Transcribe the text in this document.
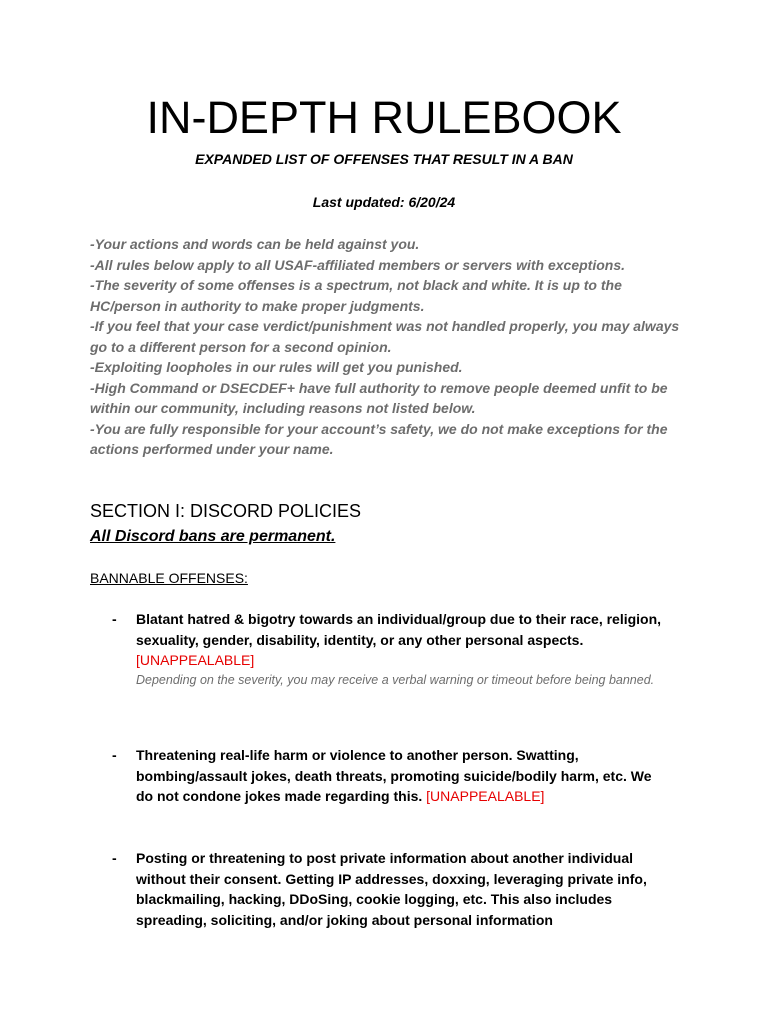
IN-DEPTH RULEBOOK

EXPANDED LIST OF OFFENSES THAT RESULT IN A BAN

Last updated: 6/20/24

-Your actions and words can be held against you.
-All rules below apply to all USAF-affiliated members or servers with exceptions.
-The severity of some offenses is a spectrum, not black and white. It is up to the HC/person in authority to make proper judgments.
-If you feel that your case verdict/punishment was not handled properly, you may always go to a different person for a second opinion.
-Exploiting loopholes in our rules will get you punished.
-High Command or DSECDEF+ have full authority to remove people deemed unfit to be within our community, including reasons not listed below.
-You are fully responsible for your account’s safety, we do not make exceptions for the actions performed under your name.
SECTION I: DISCORD POLICIES

All Discord bans are permanent.

BANNABLE OFFENSES:

- Blatant hatred & bigotry towards an individual/group due to their race, religion, sexuality, gender, disability, identity, or any other personal aspects. [UNAPPEALABLE]
Depending on the severity, you may receive a verbal warning or timeout before being banned.
- Threatening real-life harm or violence to another person. Swatting, bombing/assault jokes, death threats, promoting suicide/bodily harm, etc. We do not condone jokes made regarding this. [UNAPPEALABLE]
- Posting or threatening to post private information about another individual without their consent. Getting IP addresses, doxxing, leveraging private info, blackmailing, hacking, DDoSing, cookie logging, etc. This also includes spreading, soliciting, and/or joking about personal information
